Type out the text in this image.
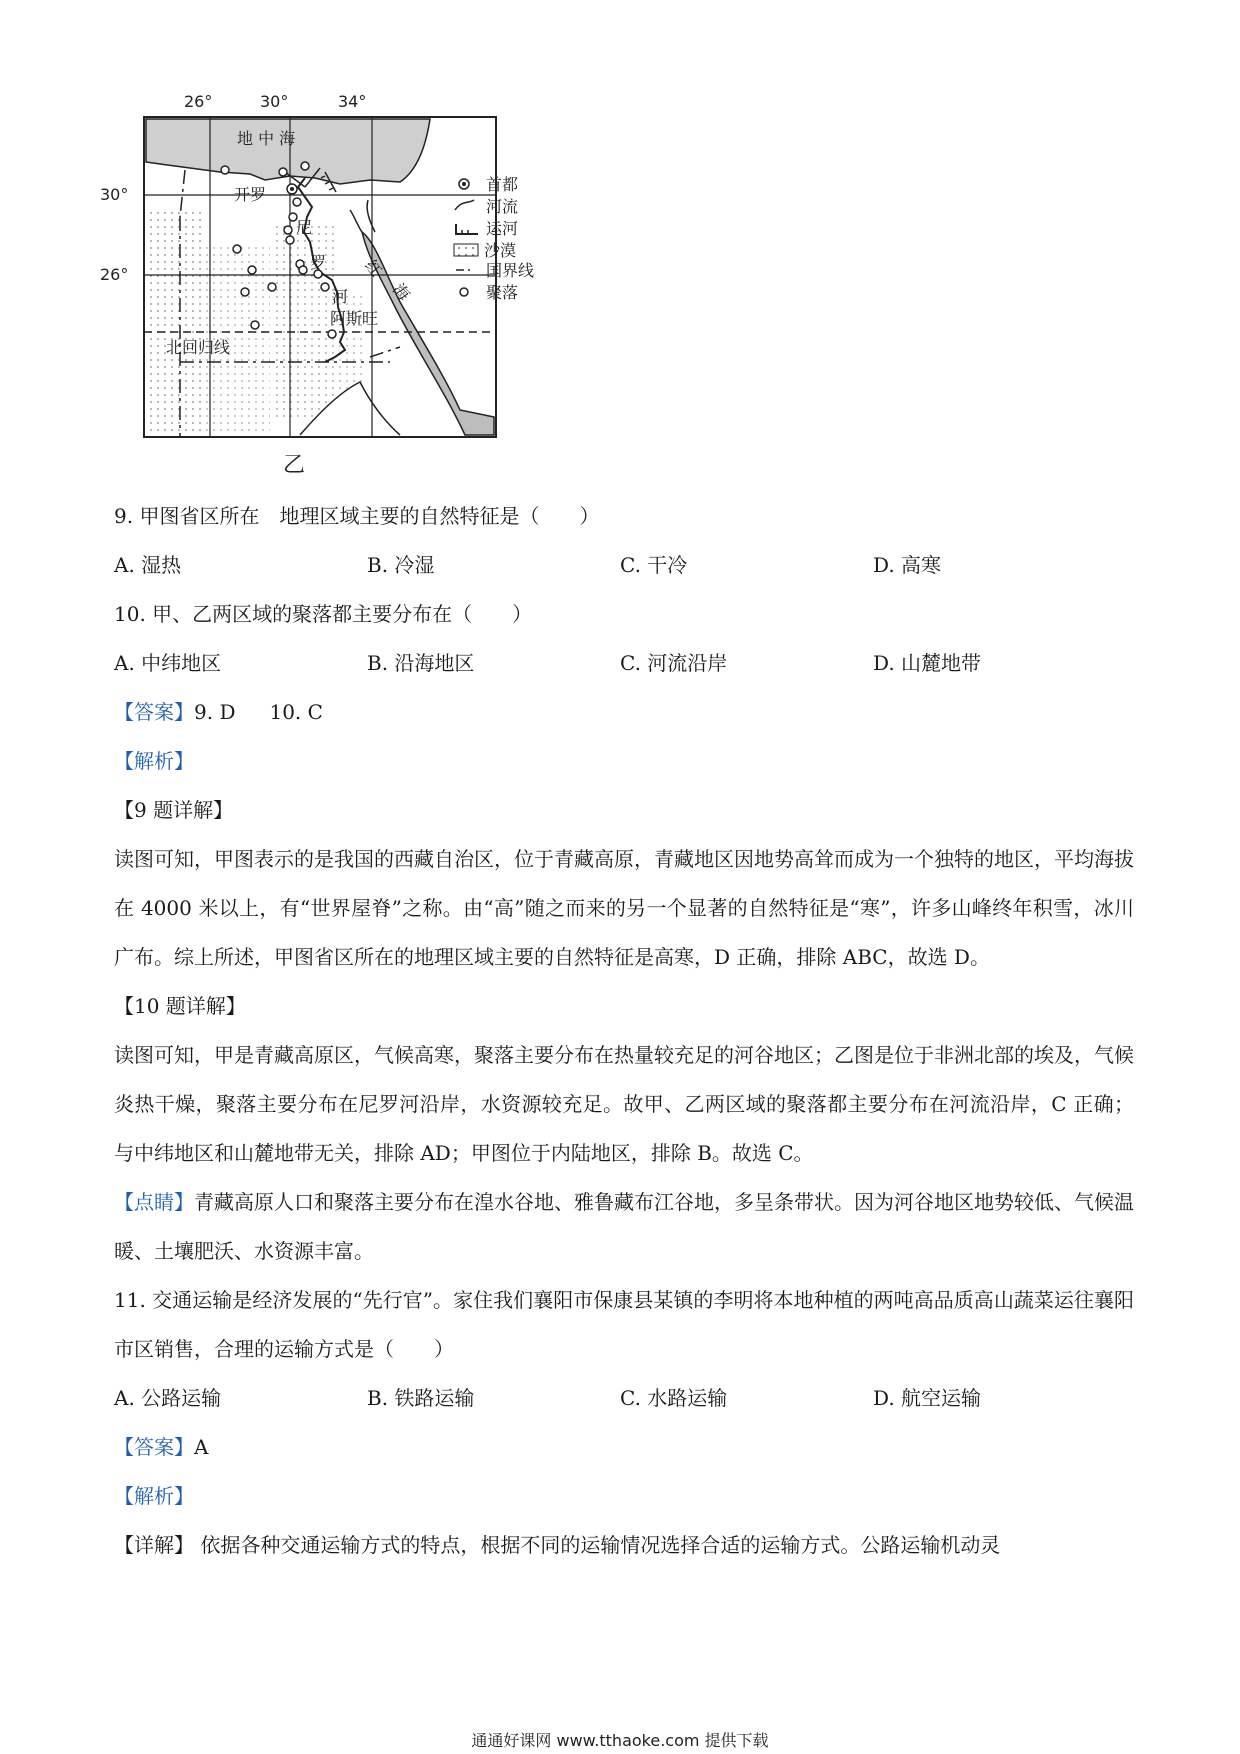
26°	30°	34°
30°
26°
地 中 海
开罗
尼
罗
河
阿斯旺
北回归线
红
海
乙
首都
河流
运河
沙漠
国界线
聚落
9. 甲图省区所在　地理区域主要的自然特征是（　　）
A. 湿热	B. 冷湿	C. 干冷	D. 高寒
10. 甲、乙两区域的聚落都主要分布在（　　）
A. 中纬地区	B. 沿海地区	C. 河流沿岸	D. 山麓地带
【答案】9. D 10. C
【解析】
【9 题详解】
读图可知，甲图表示的是我国的西藏自治区，位于青藏高原，青藏地区因地势高耸而成为一个独特的地区，平均海拔在 4000 米以上，有“世界屋脊”之称。由“高”随之而来的另一个显著的自然特征是“寒”，许多山峰终年积雪，冰川广布。综上所述，甲图省区所在的地理区域主要的自然特征是高寒，D 正确，排除 ABC，故选 D。
【10 题详解】
读图可知，甲是青藏高原区，气候高寒，聚落主要分布在热量较充足的河谷地区；乙图是位于非洲北部的埃及，气候炎热干燥，聚落主要分布在尼罗河沿岸，水资源较充足。故甲、乙两区域的聚落都主要分布在河流沿岸，C 正确；与中纬地区和山麓地带无关，排除 AD；甲图位于内陆地区，排除 B。故选 C。
【点睛】青藏高原人口和聚落主要分布在湟水谷地、雅鲁藏布江谷地，多呈条带状。因为河谷地区地势较低、气候温暖、土壤肥沃、水资源丰富。
11. 交通运输是经济发展的“先行官”。家住我们襄阳市保康县某镇的李明将本地种植的两吨高品质高山蔬菜运往襄阳市区销售，合理的运输方式是（　　）
A. 公路运输	B. 铁路运输	C. 水路运输	D. 航空运输
【答案】A
【解析】
【详解】 依据各种交通运输方式的特点，根据不同的运输情况选择合适的运输方式。公路运输机动灵
通通好课网 www.tthaoke.com 提供下载
